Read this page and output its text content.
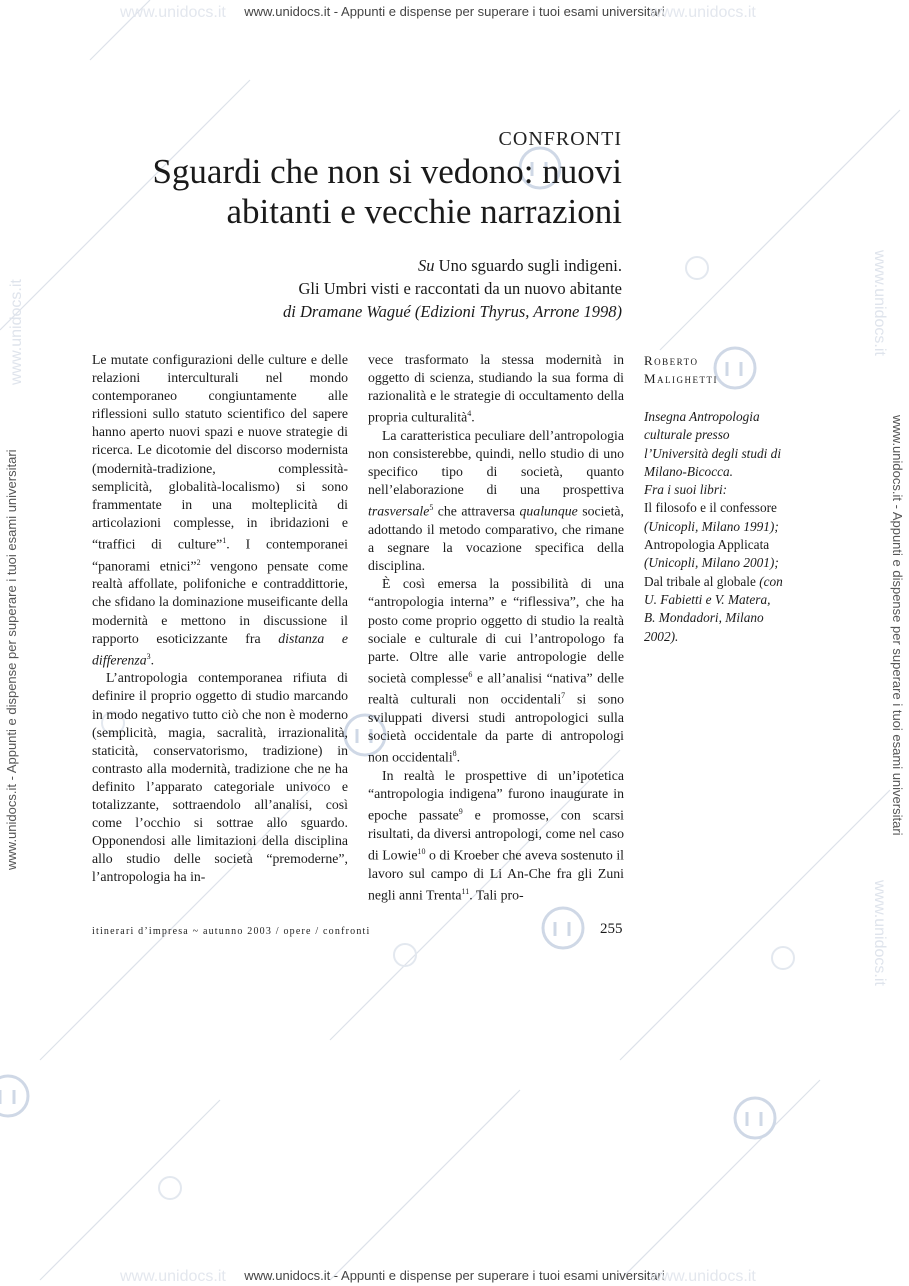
www.unidocs.it - Appunti e dispense per superare i tuoi esami universitari
www.unidocs.it - Appunti e dispense per superare i tuoi esami universitari
www.unidocs.it	www.unidocs.it
www.unidocs.it	www.unidocs.it
www.unidocs.it - Appunti e dispense per superare i tuoi esami universitari	www.unidocs.it - Appunti e dispense per superare i tuoi esami universitari
www.unidocs.it	www.unidocs.it
www.unidocs.it
CONFRONTI
Sguardi che non si vedono: nuovi abitanti e vecchie narrazioni
Su Uno sguardo sugli indigeni.
Gli Umbri visti e raccontati da un nuovo abitante
di Dramane Wagué (Edizioni Thyrus, Arrone 1998)

Le mutate configurazioni delle culture e delle relazioni interculturali nel mondo contemporaneo congiuntamente alle riflessioni sullo statuto scientifico del sapere hanno aperto nuovi spazi e nuove strategie di ricerca. Le dicotomie del discorso modernista (modernità-tradizione, complessità-semplicità, globalità-localismo) si sono frammentate in una molteplicità di articolazioni complesse, in ibridazioni e “traffici di culture”$^1$. I contemporanei “panorami etnici”$^2$ vengono pensate come realtà affollate, polifoniche e contraddittorie, che sfidano la dominazione museificante della modernità e mettono in discussione il rapporto esoticizzante fra distanza e differenza$^3$.

L’antropologia contemporanea rifiuta di definire il proprio oggetto di studio marcando in modo negativo tutto ciò che non è moderno (semplicità, magia, sacralità, irrazionalità, staticità, conservatorismo, tradizione) in contrasto alla modernità, tradizione che ne ha definito l’apparato categoriale univoco e totalizzante, sottraendolo all’analisi, così come l’occhio si sottrae allo sguardo. Opponendosi alle limitazioni della disciplina allo studio delle società “premoderne”, l’antropologia ha in-

vece trasformato la stessa modernità in oggetto di scienza, studiando la sua forma di razionalità e le strategie di occultamento della propria culturalità$^4$.

La caratteristica peculiare dell’antropologia non consisterebbe, quindi, nello studio di uno specifico tipo di società, quanto nell’elaborazione di una prospettiva trasversale$^5$ che attraversa qualunque società, adottando il metodo comparativo, che rimane a segnare la vocazione specifica della disciplina.

È così emersa la possibilità di una “antropologia interna” e “riflessiva”, che ha posto come proprio oggetto di studio la realtà sociale e culturale di cui l’antropologo fa parte. Oltre alle varie antropologie delle società complesse$^6$ e all’analisi “nativa” delle realtà culturali non occidentali$^7$ si sono sviluppati diversi studi antropologici sulla società occidentale da parte di antropologi non occidentali$^8$.

In realtà le prospettive di un’ipotetica “antropologia indigena” furono inaugurate in epoche passate$^9$ e promosse, con scarsi risultati, da diversi antropologi, come nel caso di Lowie$^{10}$ o di Kroeber che aveva sostenuto il lavoro sul campo di Li An-Che fra gli Zuni negli anni Trenta$^{11}$. Tali pro-

Roberto
Malighetti
Insegna Antropologia culturale presso l’Università degli studi di Milano-Bicocca.
Fra i suoi libri:
Il filosofo e il confessore (Unicopli, Milano 1991); Antropologia Applicata (Unicopli, Milano 2001); Dal tribale al globale (con U. Fabietti e V. Matera, B. Mondadori, Milano 2002).
itinerari d’impresa ~ autunno 2003 / opere / confronti	255
